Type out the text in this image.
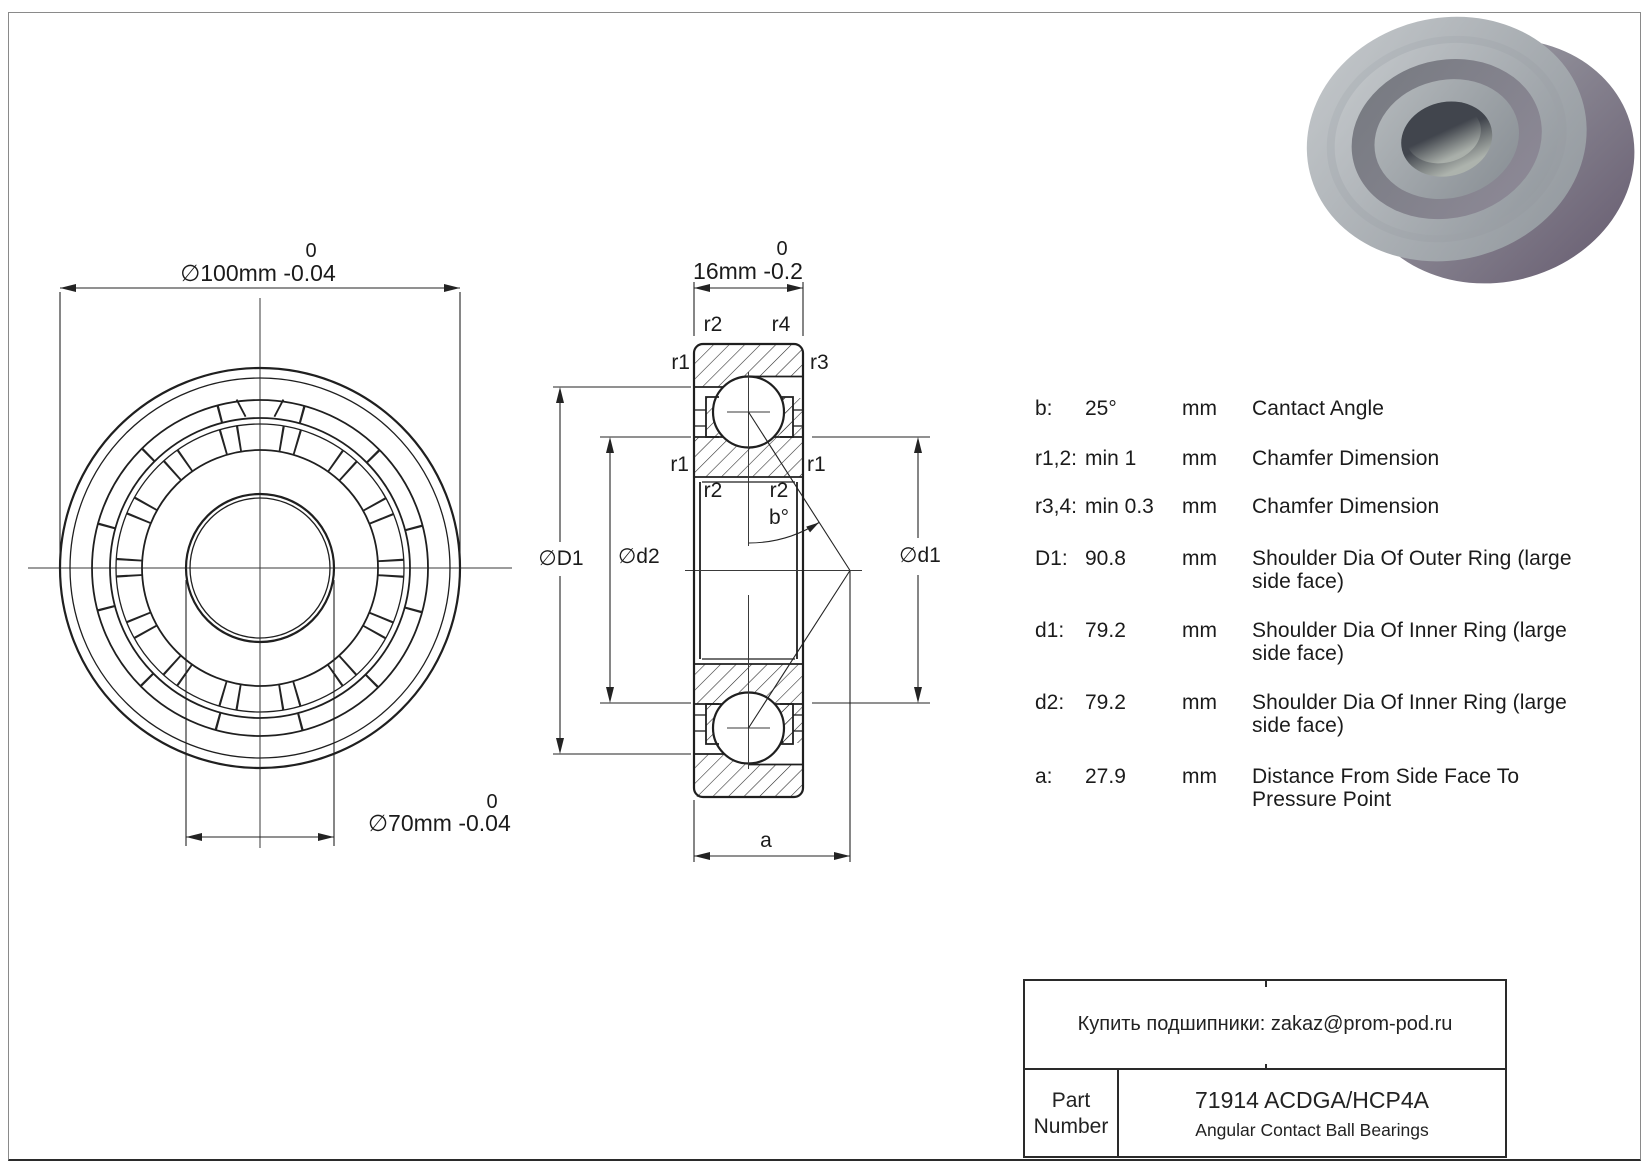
∅100mm -0.04
0
∅70mm -0.04
0
16mm -0.2
0
∅D1 ∅d2	∅d1
a
r2 r4
r1	r3
r1	r1
r2 r2
b°
b:	25°	mm	Cantact Angle
r1,2: min 1	mm	Chamfer Dimension
r3,4: min 0.3	mm	Chamfer Dimension
D1: 90.8	mm	Shoulder Dia Of Outer Ring (large side face)
d1: 79.2	mm	Shoulder Dia Of Inner Ring (large side face)
d2: 79.2	mm	Shoulder Dia Of Inner Ring (large side face)
a:	27.9	mm	Distance From Side Face To Pressure Point
Купить подшипники: zakaz@prom-pod.ru
Part Number
71914 ACDGA/HCP4A
Angular Contact Ball Bearings
